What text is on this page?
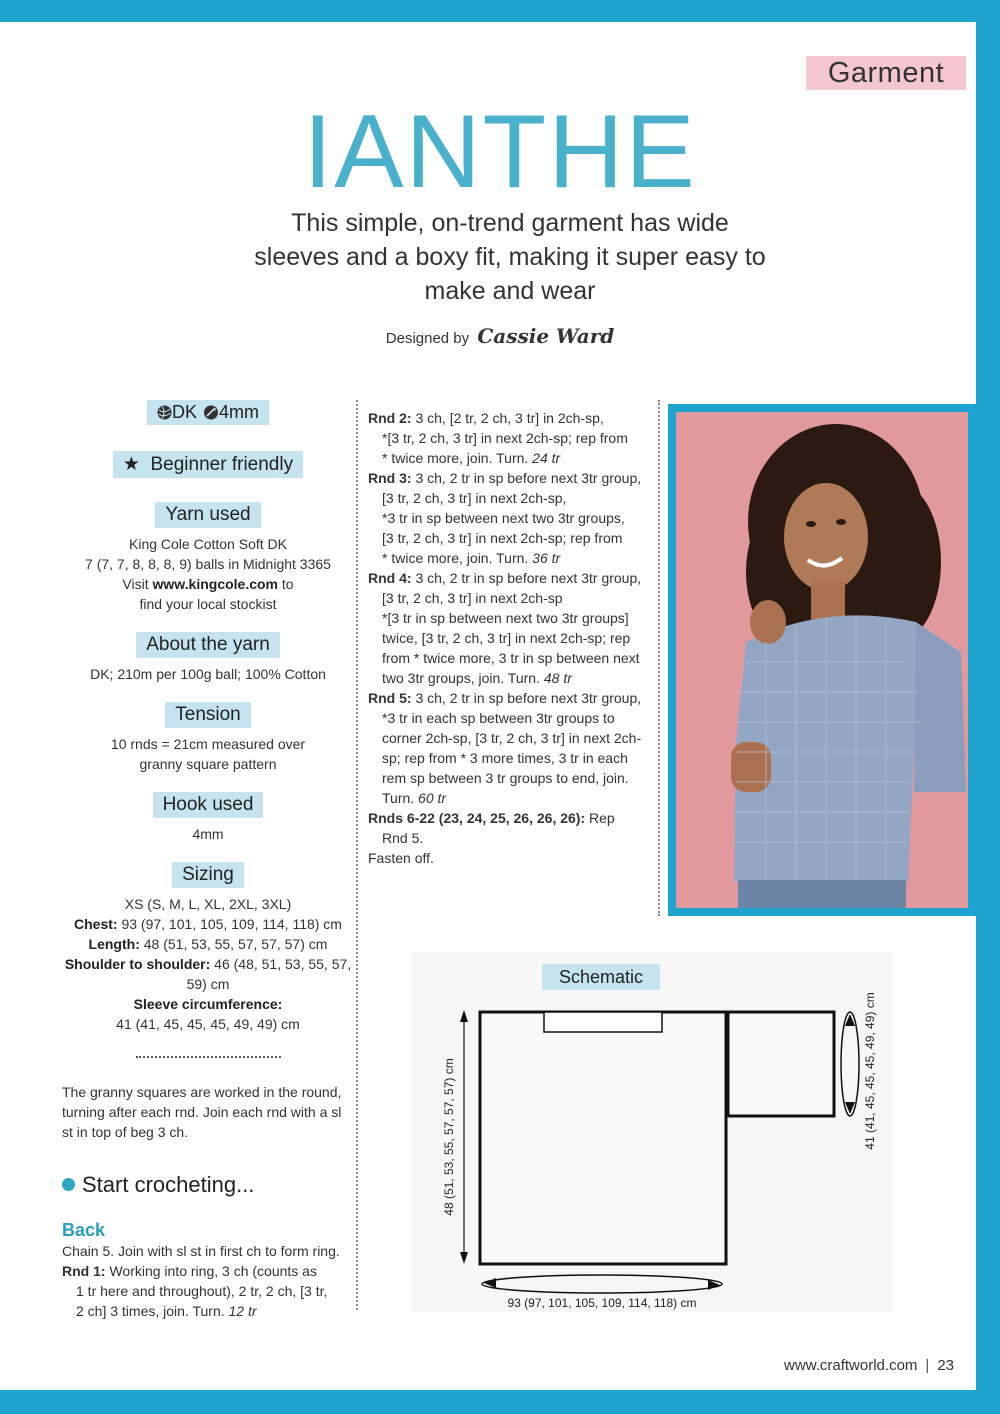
Garment
IANTHE
This simple, on-trend garment has wide sleeves and a boxy fit, making it super easy to make and wear
Designed by Cassie Ward
DK 4mm
★ Beginner friendly
Yarn used
King Cole Cotton Soft DK
7 (7, 7, 8, 8, 8, 9) balls in Midnight 3365
Visit www.kingcole.com to
find your local stockist
About the yarn
DK; 210m per 100g ball; 100% Cotton
Tension
10 rnds = 21cm measured over
granny square pattern
Hook used
4mm
Sizing
XS (S, M, L, XL, 2XL, 3XL)
Chest: 93 (97, 101, 105, 109, 114, 118) cm
Length: 48 (51, 53, 55, 57, 57, 57) cm
Shoulder to shoulder: 46 (48, 51, 53, 55, 57, 59) cm
Sleeve circumference:
41 (41, 45, 45, 45, 49, 49) cm
The granny squares are worked in the round, turning after each rnd. Join each rnd with a sl st in top of beg 3 ch.
Start crocheting...
Back
Chain 5. Join with sl st in first ch to form ring.
Rnd 1: Working into ring, 3 ch (counts as
1 tr here and throughout), 2 tr, 2 ch, [3 tr,
2 ch] 3 times, join. Turn. 12 tr
Rnd 2: 3 ch, [2 tr, 2 ch, 3 tr] in 2ch-sp,
*[3 tr, 2 ch, 3 tr] in next 2ch-sp; rep from
* twice more, join. Turn. 24 tr
Rnd 3: 3 ch, 2 tr in sp before next 3tr group,
[3 tr, 2 ch, 3 tr] in next 2ch-sp,
*3 tr in sp between next two 3tr groups,
[3 tr, 2 ch, 3 tr] in next 2ch-sp; rep from
* twice more, join. Turn. 36 tr
Rnd 4: 3 ch, 2 tr in sp before next 3tr group,
[3 tr, 2 ch, 3 tr] in next 2ch-sp
*[3 tr in sp between next two 3tr groups]
twice, [3 tr, 2 ch, 3 tr] in next 2ch-sp; rep
from * twice more, 3 tr in sp between next
two 3tr groups, join. Turn. 48 tr
Rnd 5: 3 ch, 2 tr in sp before next 3tr group,
*3 tr in each sp between 3tr groups to
corner 2ch-sp, [3 tr, 2 ch, 3 tr] in next 2ch-
sp; rep from * 3 more times, 3 tr in each
rem sp between 3 tr groups to end, join.
Turn. 60 tr
Rnds 6-22 (23, 24, 25, 26, 26, 26): Rep
Rnd 5.
Fasten off.
48 (51, 53, 55, 57, 57, 57) cm
93 (97, 101, 105, 109, 114, 118) cm
41 (41, 45, 45, 45, 49, 49) cm
Schematic
www.craftworld.com | 23
